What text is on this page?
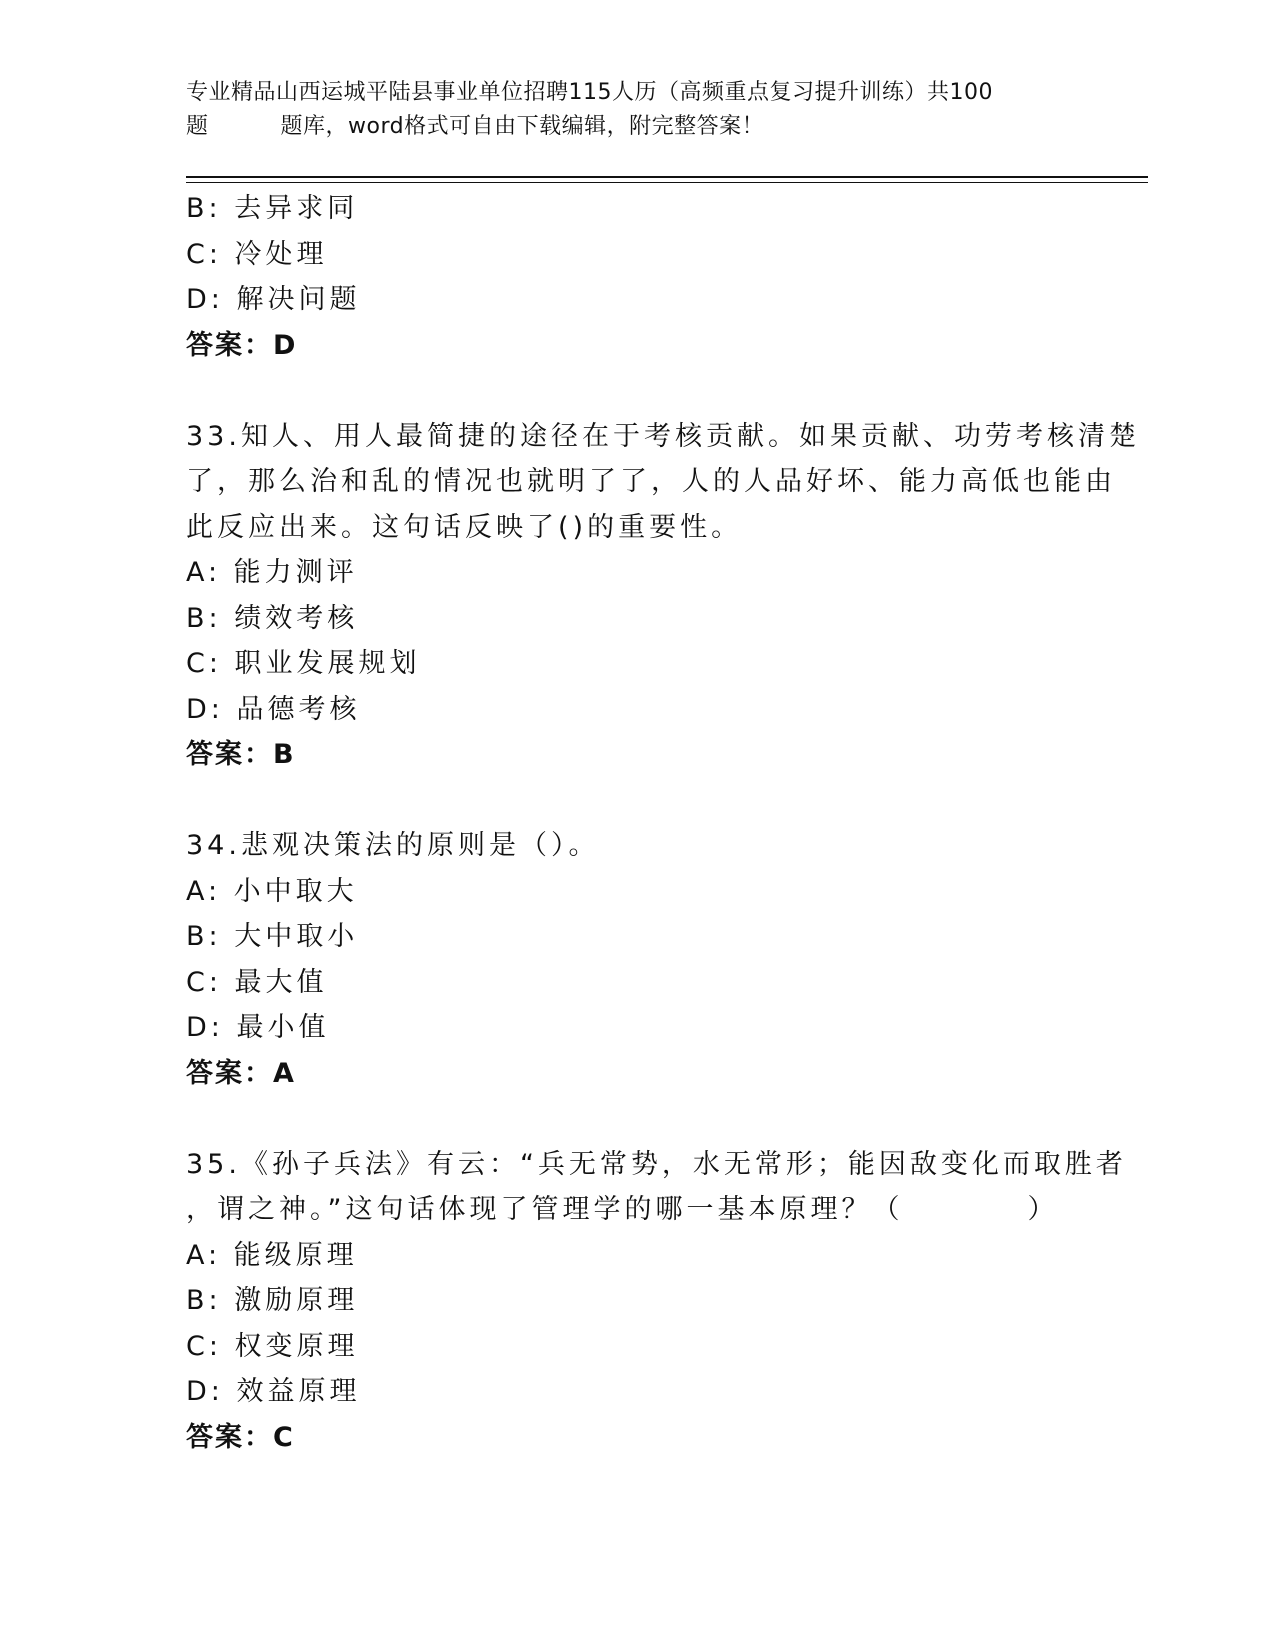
专业精品山西运城平陆县事业单位招聘115人历（高频重点复习提升训练）共100
题	题库，word格式可自由下载编辑，附完整答案！
B: 去异求同
C: 冷处理
D: 解决问题
答案：D
33.知人、用人最简捷的途径在于考核贡献。如果贡献、功劳考核清楚
了，那么治和乱的情况也就明了了，人的人品好坏、能力高低也能由
此反应出来。这句话反映了()的重要性。
A: 能力测评
B: 绩效考核
C: 职业发展规划
D: 品德考核
答案：B
34.悲观决策法的原则是（）。
A: 小中取大
B: 大中取小
C: 最大值
D: 最小值
答案：A
35.《孙子兵法》有云：“兵无常势，水无常形；能因敌变化而取胜者
，谓之神。”这句话体现了管理学的哪一基本原理？（　　　　）
A: 能级原理
B: 激励原理
C: 权变原理
D: 效益原理
答案：C
